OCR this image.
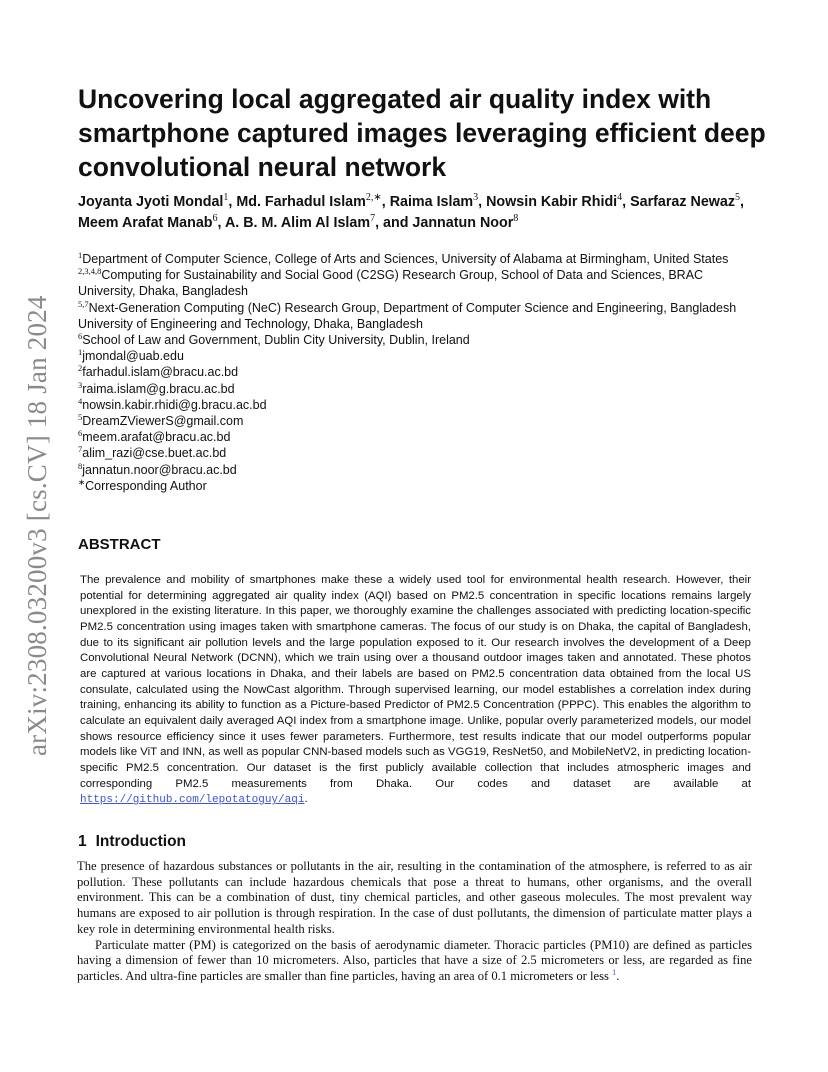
arXiv:2308.03200v3 [cs.CV] 18 Jan 2024
Uncovering local aggregated air quality index with smartphone captured images leveraging efficient deep convolutional neural network
Joyanta Jyoti Mondal$^1$, Md. Farhadul Islam$^{2,∗}$, Raima Islam$^3$, Nowsin Kabir Rhidi$^4$, Sarfaraz Newaz$^5$, Meem Arafat Manab$^6$, A. B. M. Alim Al Islam$^7$, and Jannatun Noor$^8$
$^1$Department of Computer Science, College of Arts and Sciences, University of Alabama at Birmingham, United States
$^{2,3,4,8}$Computing for Sustainability and Social Good (C2SG) Research Group, School of Data and Sciences, BRAC University, Dhaka, Bangladesh
$^{5,7}$Next-Generation Computing (NeC) Research Group, Department of Computer Science and Engineering, Bangladesh University of Engineering and Technology, Dhaka, Bangladesh
$^6$School of Law and Government, Dublin City University, Dublin, Ireland
$^1$jmondal@uab.edu
$^2$farhadul.islam@bracu.ac.bd
$^3$raima.islam@g.bracu.ac.bd
$^4$nowsin.kabir.rhidi@g.bracu.ac.bd
$^5$DreamZViewerS@gmail.com
$^6$meem.arafat@bracu.ac.bd
$^7$alim_razi@cse.buet.ac.bd
$^8$jannatun.noor@bracu.ac.bd
∗Corresponding Author
ABSTRACT

The prevalence and mobility of smartphones make these a widely used tool for environmental health research. However, their potential for determining aggregated air quality index (AQI) based on PM2.5 concentration in specific locations remains largely unexplored in the existing literature. In this paper, we thoroughly examine the challenges associated with predicting location-specific PM2.5 concentration using images taken with smartphone cameras. The focus of our study is on Dhaka, the capital of Bangladesh, due to its significant air pollution levels and the large population exposed to it. Our research involves the development of a Deep Convolutional Neural Network (DCNN), which we train using over a thousand outdoor images taken and annotated. These photos are captured at various locations in Dhaka, and their labels are based on PM2.5 concentration data obtained from the local US consulate, calculated using the NowCast algorithm. Through supervised learning, our model establishes a correlation index during training, enhancing its ability to function as a Picture-based Predictor of PM2.5 Concentration (PPPC). This enables the algorithm to calculate an equivalent daily averaged AQI index from a smartphone image. Unlike, popular overly parameterized models, our model shows resource efficiency since it uses fewer parameters. Furthermore, test results indicate that our model outperforms popular models like ViT and INN, as well as popular CNN-based models such as VGG19, ResNet50, and MobileNetV2, in predicting location-specific PM2.5 concentration. Our dataset is the first publicly available collection that includes atmospheric images and corresponding PM2.5 measurements from Dhaka. Our codes and dataset are available at https://github.com/lepotatoguy/aqi.

1 Introduction

The presence of hazardous substances or pollutants in the air, resulting in the contamination of the atmosphere, is referred to as air pollution. These pollutants can include hazardous chemicals that pose a threat to humans, other organisms, and the overall environment. This can be a combination of dust, tiny chemical particles, and other gaseous molecules. The most prevalent way humans are exposed to air pollution is through respiration. In the case of dust pollutants, the dimension of particulate matter plays a key role in determining environmental health risks.

Particulate matter (PM) is categorized on the basis of aerodynamic diameter. Thoracic particles (PM10) are defined as particles having a dimension of fewer than 10 micrometers. Also, particles that have a size of 2.5 micrometers or less, are regarded as fine particles. And ultra-fine particles are smaller than fine particles, having an area of 0.1 micrometers or less $^1$.
